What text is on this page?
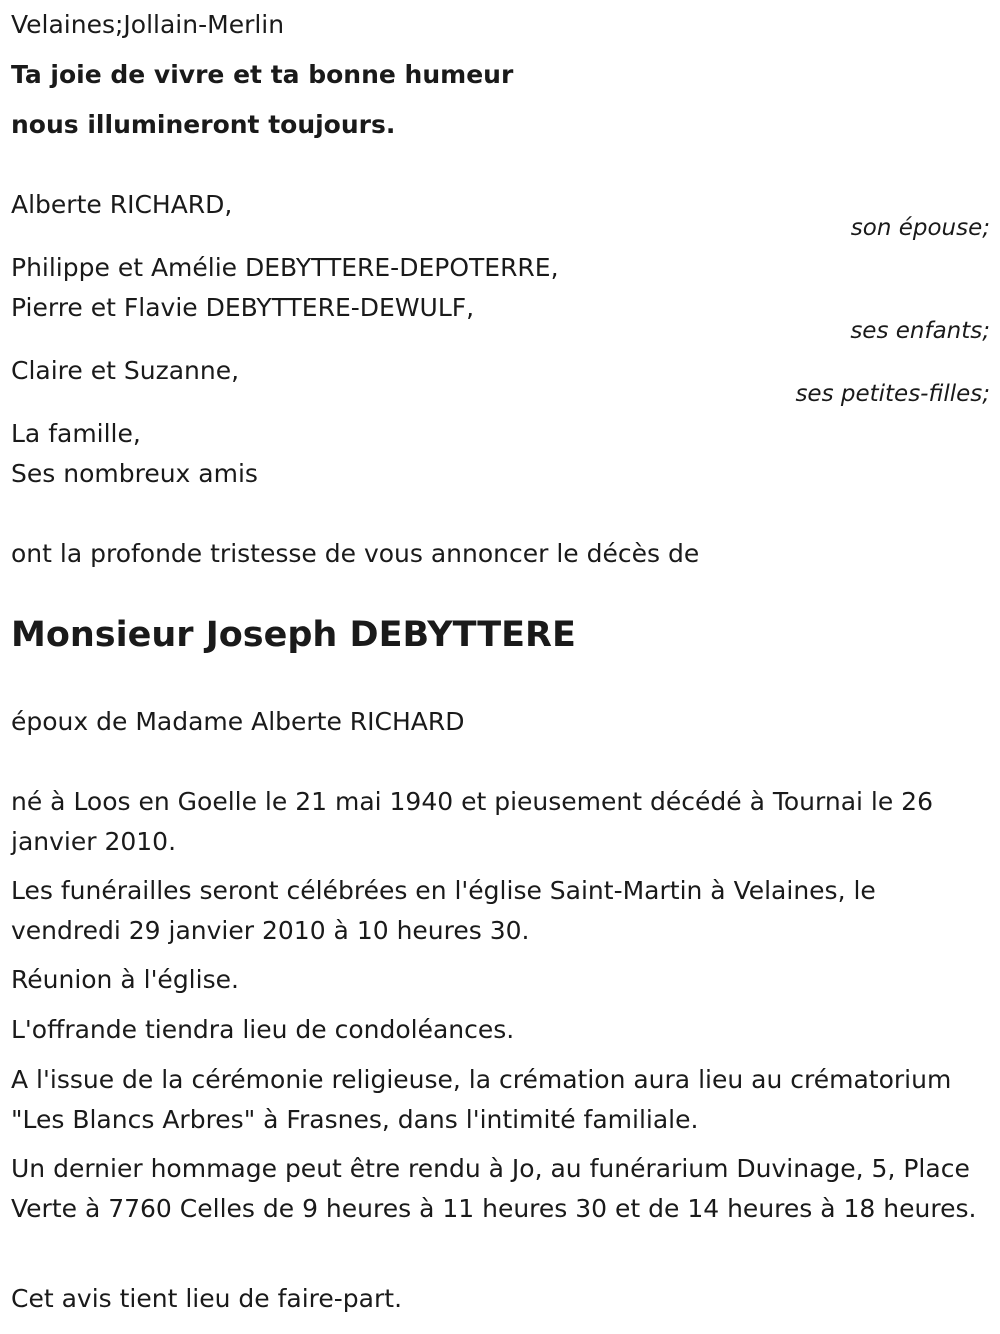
Velaines;Jollain-Merlin
Ta joie de vivre et ta bonne humeur
nous illumineront toujours.
Alberte RICHARD,
son épouse;
Philippe et Amélie DEBYTTERE-DEPOTERRE,
Pierre et Flavie DEBYTTERE-DEWULF,
ses enfants;
Claire et Suzanne,
ses petites-filles;
La famille,
Ses nombreux amis
ont la profonde tristesse de vous annoncer le décès de
Monsieur Joseph DEBYTTERE
époux de Madame Alberte RICHARD
né à Loos en Goelle le 21 mai 1940 et pieusement décédé à Tournai le 26 janvier 2010.
Les funérailles seront célébrées en l'église Saint-Martin à Velaines, le vendredi 29 janvier 2010 à 10 heures 30.
Réunion à l'église.
L'offrande tiendra lieu de condoléances.
A l'issue de la cérémonie religieuse, la crémation aura lieu au crématorium "Les Blancs Arbres" à Frasnes, dans l'intimité familiale.
Un dernier hommage peut être rendu à Jo, au funérarium Duvinage, 5, Place Verte à 7760 Celles de 9 heures à 11 heures 30 et de 14 heures à 18 heures.
Cet avis tient lieu de faire-part.
